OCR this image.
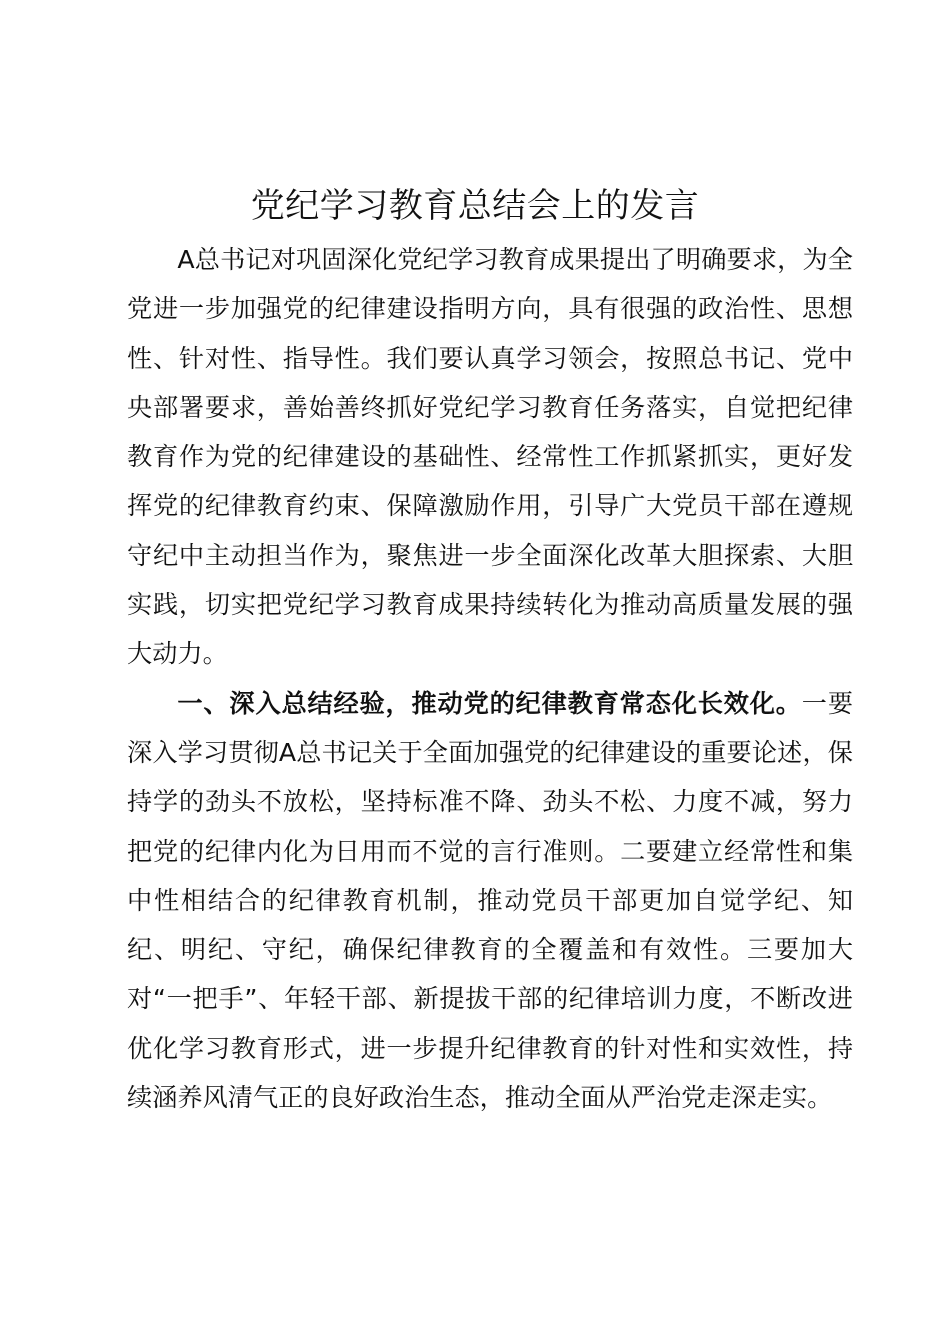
党纪学习教育总结会上的发言

A总书记对巩固深化党纪学习教育成果提出了明确要求，为全党进一步加强党的纪律建设指明方向，具有很强的政治性、思想性、针对性、指导性。我们要认真学习领会，按照总书记、党中央部署要求，善始善终抓好党纪学习教育任务落实，自觉把纪律教育作为党的纪律建设的基础性、经常性工作抓紧抓实，更好发挥党的纪律教育约束、保障激励作用，引导广大党员干部在遵规守纪中主动担当作为，聚焦进一步全面深化改革大胆探索、大胆实践，切实把党纪学习教育成果持续转化为推动高质量发展的强大动力。

一、深入总结经验，推动党的纪律教育常态化长效化。一要深入学习贯彻A总书记关于全面加强党的纪律建设的重要论述，保持学的劲头不放松，坚持标准不降、劲头不松、力度不减，努力把党的纪律内化为日用而不觉的言行准则。二要建立经常性和集中性相结合的纪律教育机制，推动党员干部更加自觉学纪、知纪、明纪、守纪，确保纪律教育的全覆盖和有效性。三要加大对“一把手”、年轻干部、新提拔干部的纪律培训力度，不断改进优化学习教育形式，进一步提升纪律教育的针对性和实效性，持续涵养风清气正的良好政治生态，推动全面从严治党走深走实。
